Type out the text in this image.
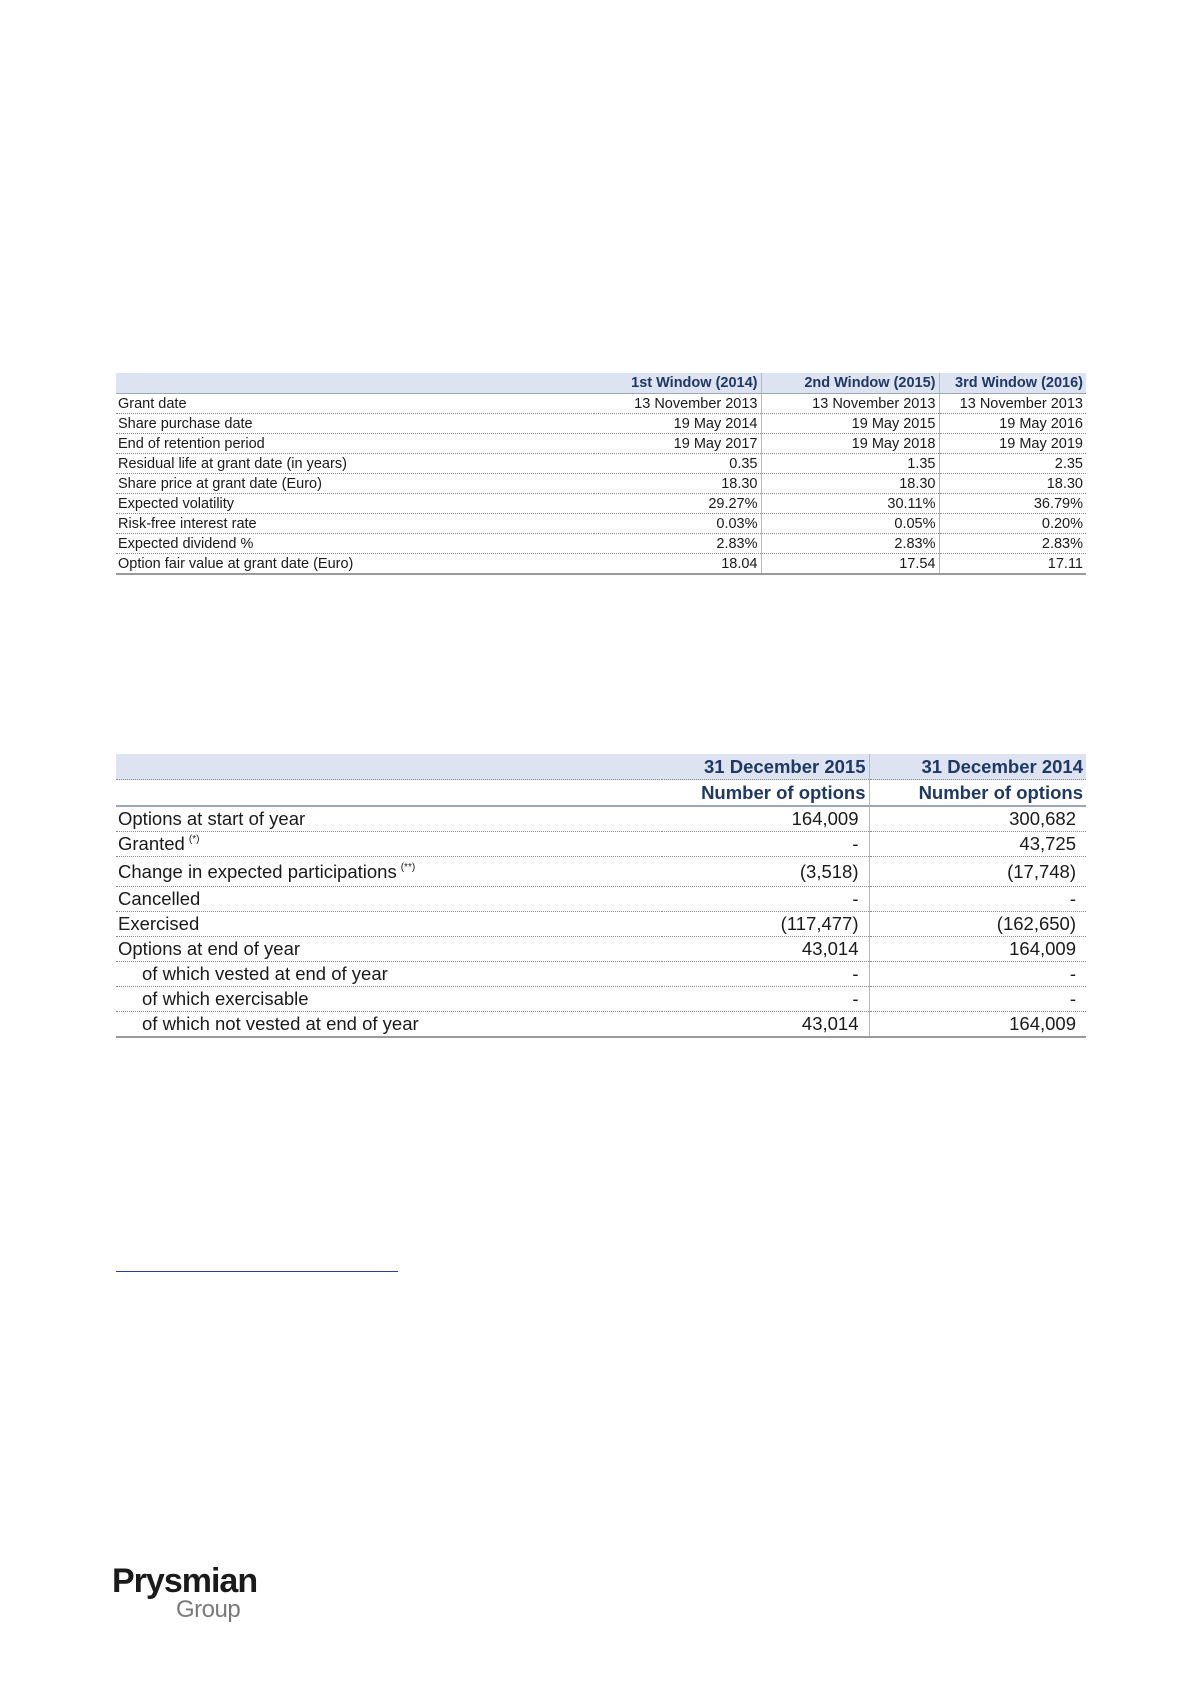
	1st Window (2014)	2nd Window (2015)	3rd Window (2016)
Grant date	13 November 2013	13 November 2013	13 November 2013
Share purchase date	19 May 2014	19 May 2015	19 May 2016
End of retention period	19 May 2017	19 May 2018	19 May 2019
Residual life at grant date (in years)	0.35	1.35	2.35
Share price at grant date (Euro)	18.30	18.30	18.30
Expected volatility	29.27%	30.11%	36.79%
Risk-free interest rate	0.03%	0.05%	0.20%
Expected dividend %	2.83%	2.83%	2.83%
Option fair value at grant date (Euro)	18.04	17.54	17.11
	31 December 2015	31 December 2014
	Number of options	Number of options
Options at start of year	164,009	300,682
Granted (*)	-	43,725
Change in expected participations (**)	(3,518)	(17,748)
Cancelled	-	-
Exercised	(117,477)	(162,650)
Options at end of year	43,014	164,009
of which vested at end of year	-	-
of which exercisable	-	-
of which not vested at end of year	43,014	164,009
Prysmian
Group
